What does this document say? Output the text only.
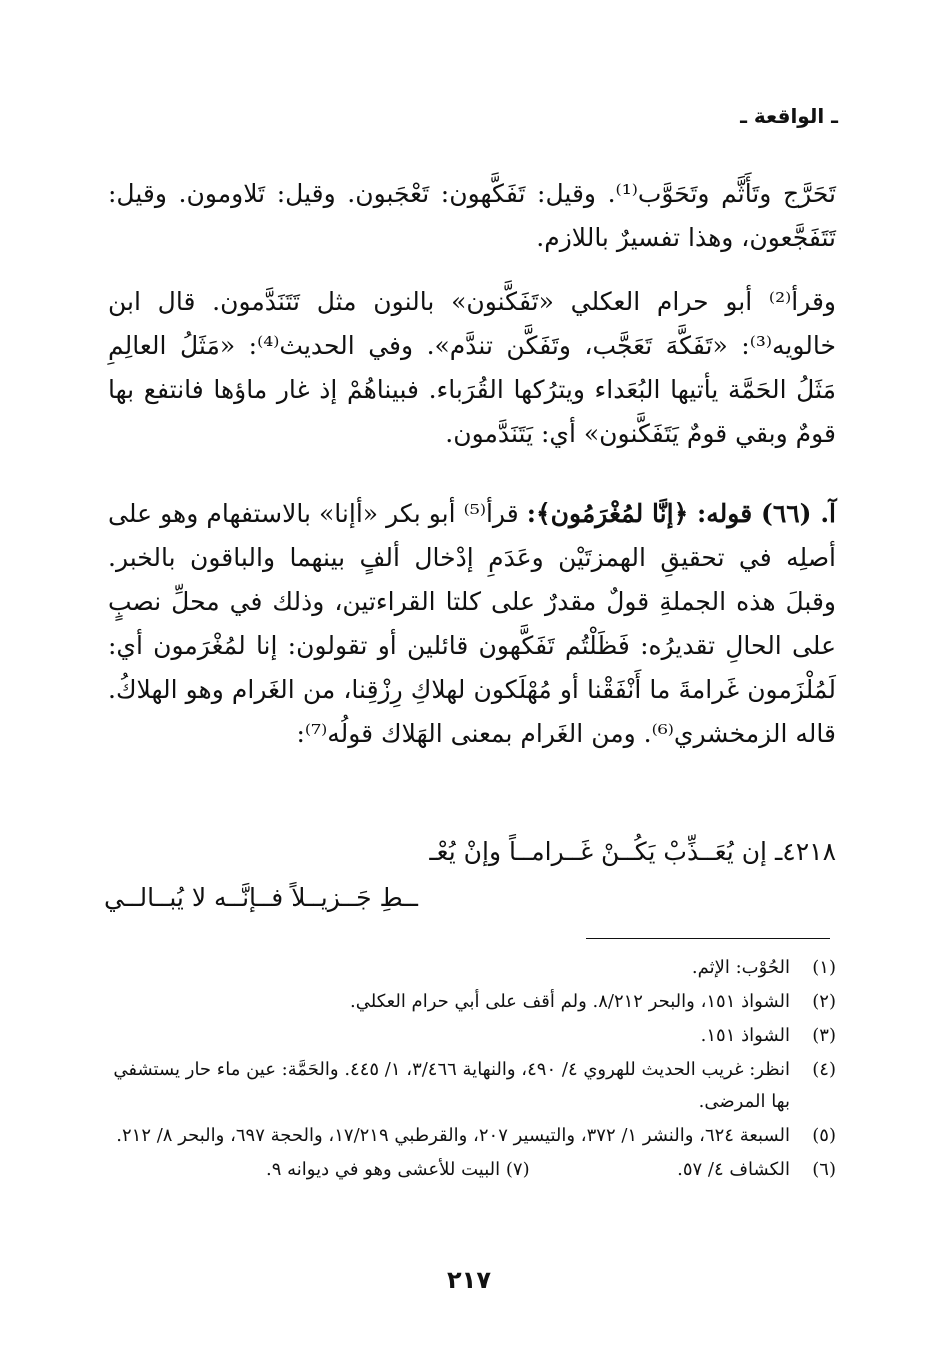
ـ الواقعة ـ

تَحَرَّج وتَأَثَّم وتَحَوَّب⁽¹⁾. وقيل: تَفَكَّهون: تَعْجَبون. وقيل: تَلاومون. وقيل: تَتَفَجَّعون، وهذا تفسيرٌ باللازم.

وقرأ⁽²⁾ أبو حرام العكلي «تَفَكَّنون» بالنون مثل تَتَنَدَّمون. قال ابن خالويه⁽³⁾: «تَفَكَّهَ تَعَجَّب، وتَفَكَّن تندَّم». وفي الحديث⁽⁴⁾: «مَثَلُ العالِمِ مَثَلُ الحَمَّة يأتيها البُعَداء ويترُكها القُرَباء. فبيناهُمْ إذ غار ماؤها فانتفع بها قومٌ وبقي قومٌ يَتَفَكَّنون» أي: يَتَنَدَّمون.

آ. (٦٦) قوله: ﴿إنَّا لمُغْرَمُون﴾: قرأ⁽⁵⁾ أبو بكر «أإنا» بالاستفهام وهو على أصلِه في تحقيقِ الهمزتَيْن وعَدَمِ إدْخال ألفٍ بينهما والباقون بالخبر. وقبلَ هذه الجملةِ قولٌ مقدرٌ على كلتا القراءتين، وذلك في محلِّ نصبٍ على الحالِ تقديرُه: فَظَلْتُم تَفَكَّهون قائلين أو تقولون: إنا لمُغْرَمون أي: لَمُلْزَمون غَرامةَ ما أَنْفَقْنا أو مُهْلَكون لهلاكِ رِزْقِنا، من الغَرام وهو الهلاكُ. قاله الزمخشري⁽⁶⁾. ومن الغَرام بمعنى الهَلاك قولُه⁽⁷⁾:

٤٢١٨ـ إن يُعَــذِّبْ يَكُــنْ غَــرامــاً وإنْ يُعْـ
ــطِ جَــزيــلاً فــإنَّــه لا يُبــالــي
(١)
الحُوْب: الإثم.
(٢)
الشواذ ١٥١، والبحر ٨/٢١٢. ولم أقف على أبي حرام العكلي.
(٣)
الشواذ ١٥١.
(٤)
انظر: غريب الحديث للهروي ٤/ ٤٩٠، والنهاية ٣/٤٦٦، ١/ ٤٤٥. والحَمَّة: عين ماء حار يستشفي بها المرضى.
(٥)
السبعة ٦٢٤، والنشر ١/ ٣٧٢، والتيسير ٢٠٧، والقرطبي ١٧/٢١٩، والحجة ٦٩٧، والبحر ٨/ ٢١٢.
(٦)
الكشاف ٤/ ٥٧.
(٧) البيت للأعشى وهو في ديوانه ٩.
٢١٧
